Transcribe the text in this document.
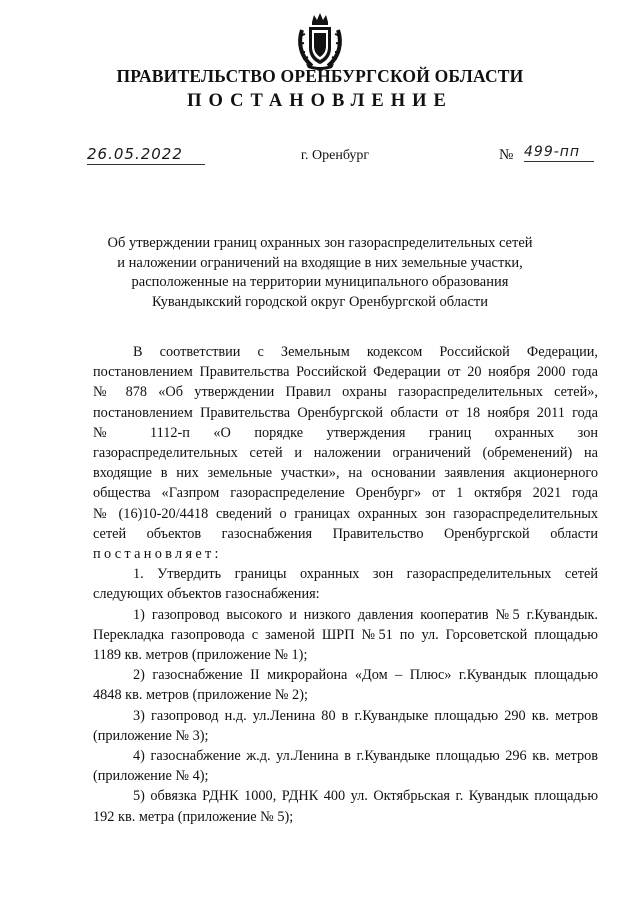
ПРАВИТЕЛЬСТВО ОРЕНБУРГСКОЙ ОБЛАСТИ
ПОСТАНОВЛЕНИЕ
26.05.2022	г. Оренбург	№ 499-пп
Об утверждении границ охранных зон газораспределительных сетей
и наложении ограничений на входящие в них земельные участки,
расположенные на территории муниципального образования
Кувандыкский городской округ Оренбургской области
В соответствии с Земельным кодексом Российской Федерации,
постановлением Правительства Российской Федерации от 20 ноября 2000 года
№ 878 «Об утверждении Правил охраны газораспределительных сетей»,
постановлением Правительства Оренбургской области от 18 ноября 2011 года
№ 1112-п «О порядке утверждения границ охранных зон
газораспределительных сетей и наложении ограничений (обременений) на
входящие в них земельные участки», на основании заявления акционерного
общества «Газпром газораспределение Оренбург» от 1 октября 2021 года
№ (16)10-20/4418 сведений о границах охранных зон газораспределительных
сетей объектов газоснабжения Правительство Оренбургской области
постановляет:
1. Утвердить границы охранных зон газораспределительных сетей
следующих объектов газоснабжения:
1) газопровод высокого и низкого давления кооператив №5 г.Кувандык.
Перекладка газопровода с заменой ШРП №51 по ул. Горсоветской площадью
1189 кв. метров (приложение № 1);
2) газоснабжение II микрорайона «Дом – Плюс» г.Кувандык площадью
4848 кв. метров (приложение № 2);
3) газопровод н.д. ул.Ленина 80 в г.Кувандыке площадью 290 кв. метров
(приложение № 3);
4) газоснабжение ж.д. ул.Ленина в г.Кувандыке площадью 296 кв. метров
(приложение № 4);
5) обвязка РДНК 1000, РДНК 400 ул. Октябрьская г. Кувандык площадью
192 кв. метра (приложение № 5);
